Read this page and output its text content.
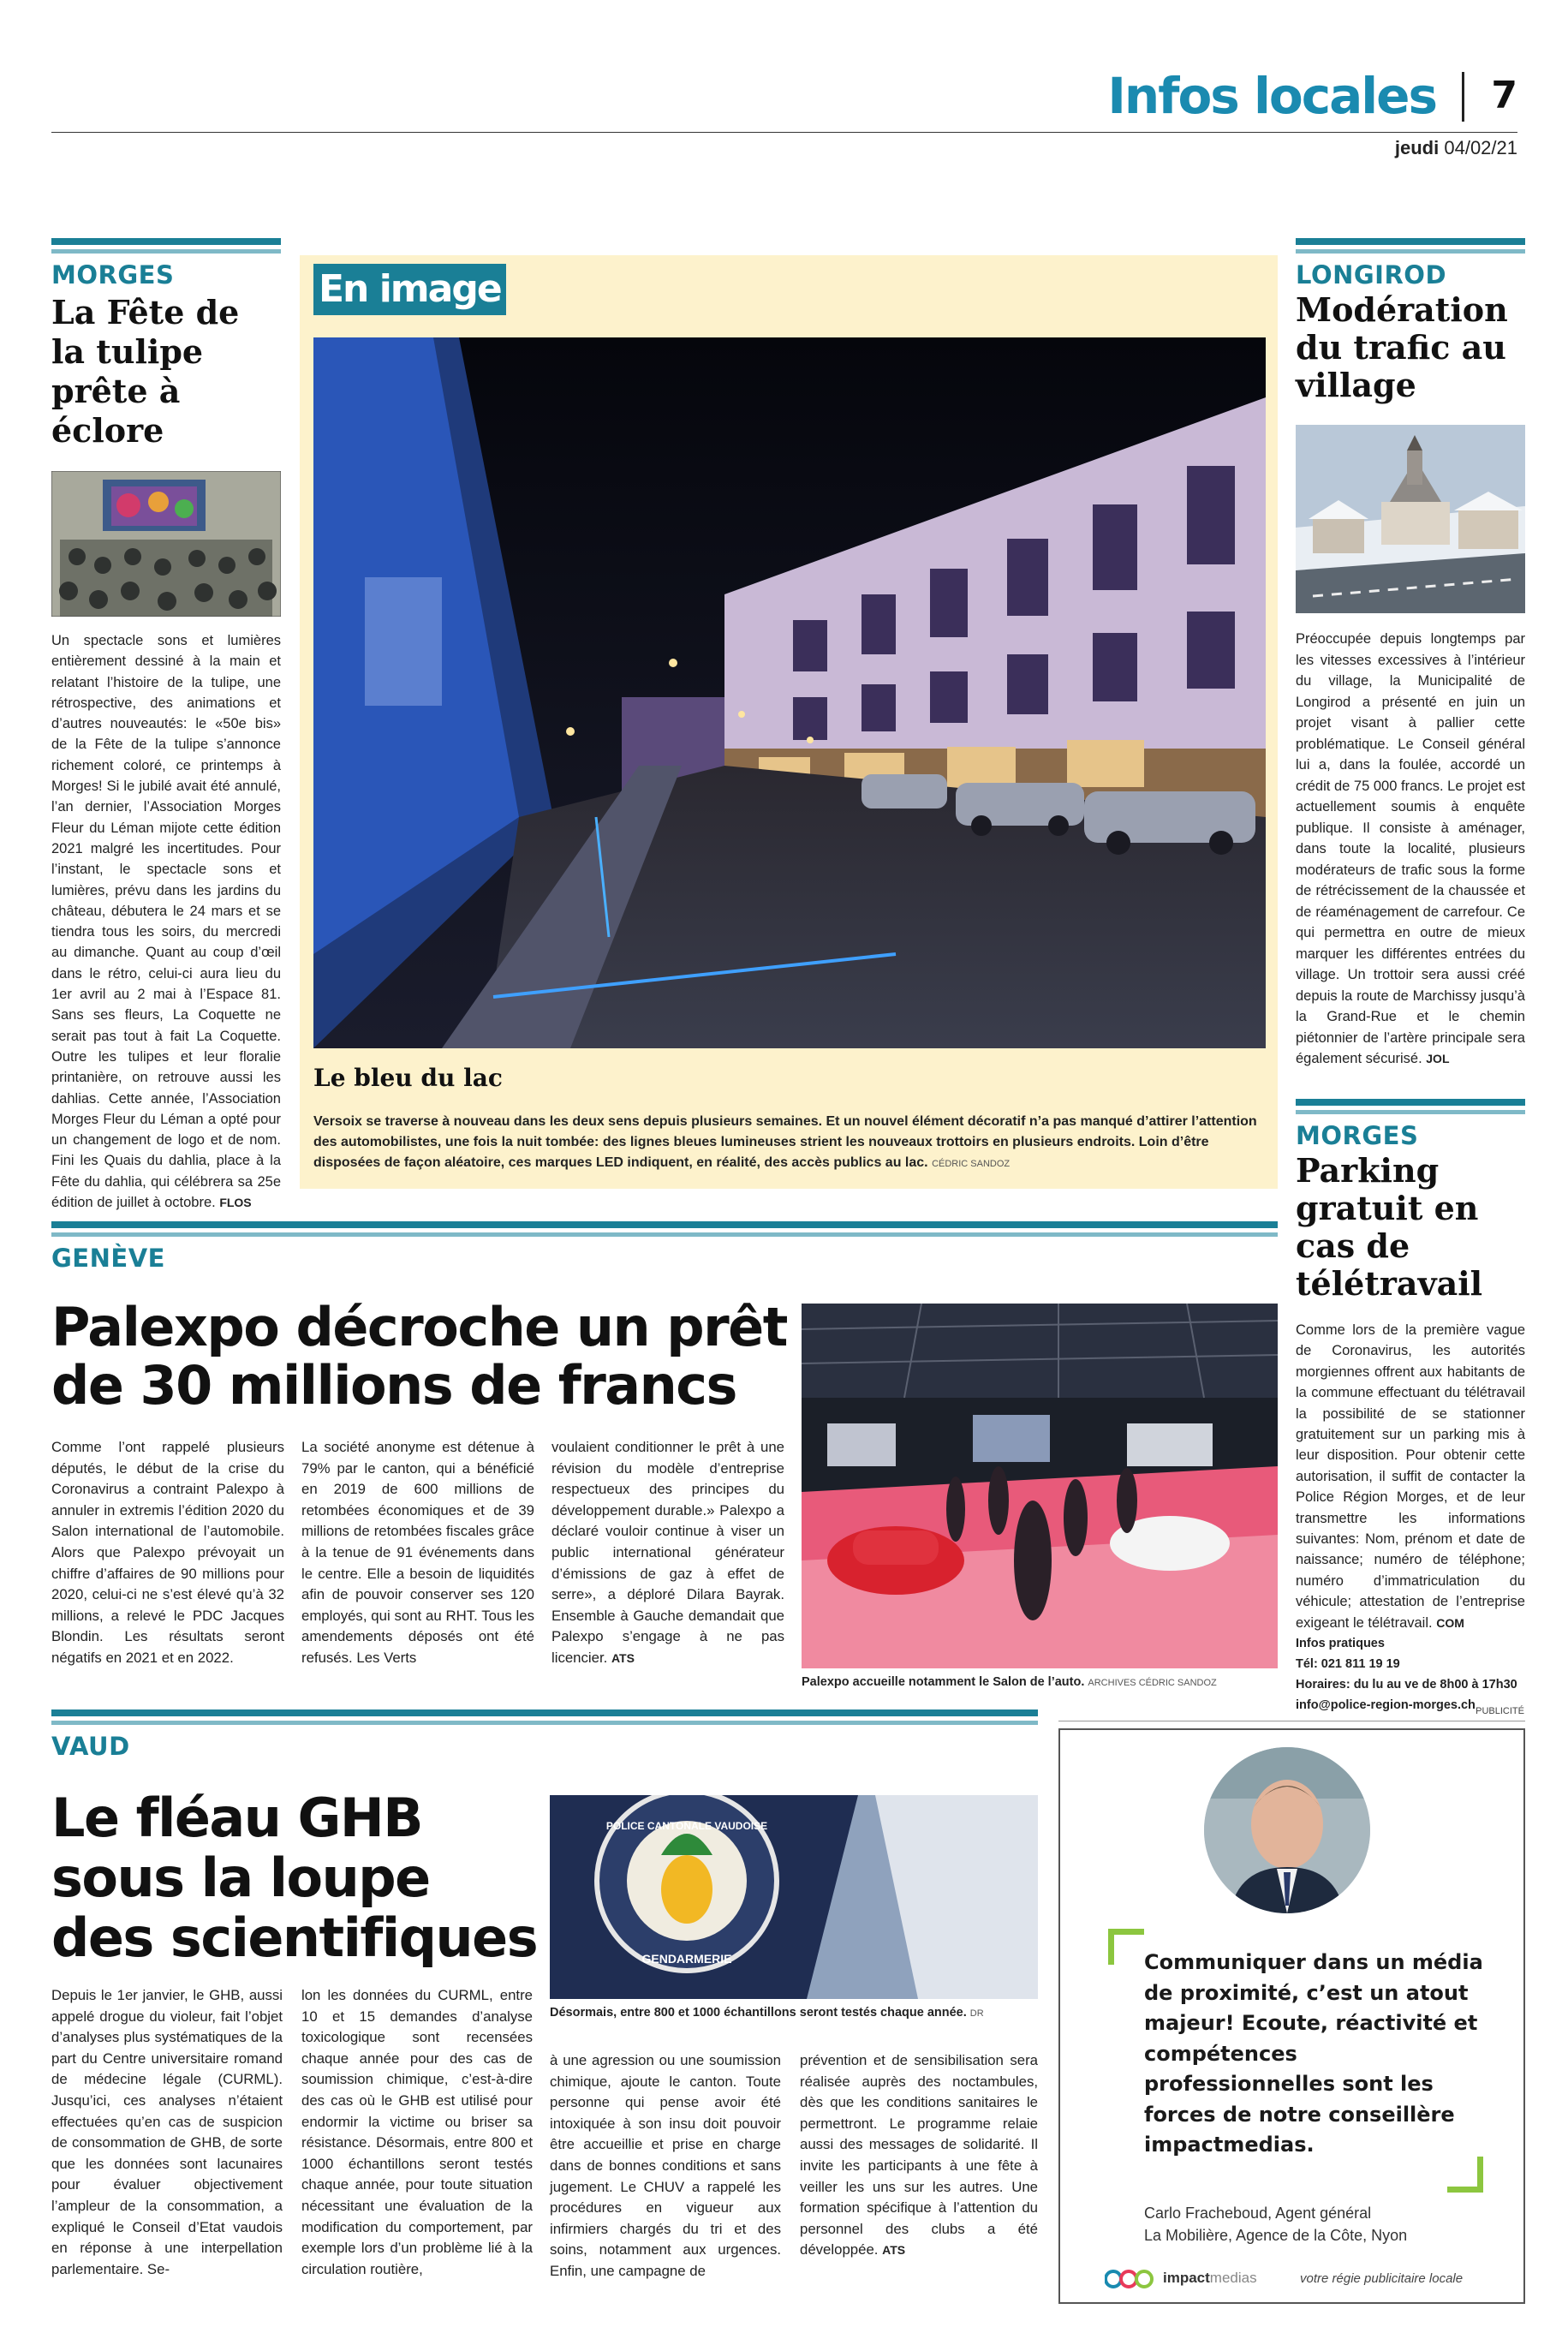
Infos locales 7
jeudi 04/02/21
MORGES
La Fête de la tulipe prête à éclore
Un spectacle sons et lumières entièrement dessiné à la main et relatant l’histoire de la tulipe, une rétrospective, des animations et d’autres nouveautés: le «50e bis» de la Fête de la tulipe s’annonce richement coloré, ce printemps à Morges! Si le jubilé avait été annulé, l’an dernier, l’Association Morges Fleur du Léman mijote cette édition 2021 malgré les incertitudes. Pour l’instant, le spectacle sons et lumières, prévu dans les jardins du château, débutera le 24 mars et se tiendra tous les soirs, du mercredi au dimanche. Quant au coup d’œil dans le rétro, celui-ci aura lieu du 1er avril au 2 mai à l’Espace 81. Sans ses fleurs, La Coquette ne serait pas tout à fait La Coquette. Outre les tulipes et leur floralie printanière, on retrouve aussi les dahlias. Cette année, l’Association Morges Fleur du Léman a opté pour un changement de logo et de nom. Fini les Quais du dahlia, place à la Fête du dahlia, qui célébrera sa 25e édition de juillet à octobre. FLOS
En image
Le bleu du lac
Versoix se traverse à nouveau dans les deux sens depuis plusieurs semaines. Et un nouvel élément décoratif n’a pas manqué d’attirer l’attention des automobilistes, une fois la nuit tombée: des lignes bleues lumineuses strient les nouveaux trottoirs en plusieurs endroits. Loin d’être disposées de façon aléatoire, ces marques LED indiquent, en réalité, des accès publics au lac. CÉDRIC SANDOZ
LONGIROD
Modération du trafic au village
Préoccupée depuis longtemps par les vitesses excessives à l’intérieur du village, la Municipalité de Longirod a présenté en juin un projet visant à pallier cette problématique. Le Conseil général lui a, dans la foulée, accordé un crédit de 75 000 francs. Le projet est actuellement soumis à enquête publique. Il consiste à aménager, dans toute la localité, plusieurs modérateurs de trafic sous la forme de rétrécissement de la chaussée et de réaménagement de carrefour. Ce qui permettra en outre de mieux marquer les différentes entrées du village. Un trottoir sera aussi créé depuis la route de Marchissy jusqu’à la Grand-Rue et le chemin piétonnier de l’artère principale sera également sécurisé. JOL
MORGES
Parking gratuit en cas de télétravail
Comme lors de la première vague de Coronavirus, les autorités morgiennes offrent aux habitants de la commune effectuant du télétravail la possibilité de se stationner gratuitement sur un parking mis à leur disposition. Pour obtenir cette autorisation, il suffit de contacter la Police Région Morges, et de leur transmettre les informations suivantes: Nom, prénom et date de naissance; numéro de téléphone; numéro d’immatriculation du véhicule; attestation de l’entreprise exigeant le télétravail. COM
Infos pratiques
Tél: 021 811 19 19
Horaires: du lu au ve de 8h00 à 17h30
info@police-region-morges.ch
GENÈVE
Palexpo décroche un prêt de 30 millions de francs
Comme l’ont rappelé plusieurs députés, le début de la crise du Coronavirus a contraint Palexpo à annuler in extremis l’édition 2020 du Salon international de l’automobile. Alors que Palexpo prévoyait un chiffre d’affaires de 90 millions pour 2020, celui-ci ne s’est élevé qu’à 32 millions, a relevé le PDC Jacques Blondin. Les résultats seront négatifs en 2021 et en 2022.
La société anonyme est détenue à 79% par le canton, qui a bénéficié en 2019 de 600 millions de retombées économiques et de 39 millions de retombées fiscales grâce à la tenue de 91 événements dans le centre. Elle a besoin de liquidités afin de pouvoir conserver ses 120 employés, qui sont au RHT. Tous les amendements déposés ont été refusés. Les Verts
voulaient conditionner le prêt à une révision du modèle d’entreprise respectueux des principes du développement durable.» Palexpo a déclaré vouloir continue à viser un public international générateur d’émissions de gaz à effet de serre», a déploré Dilara Bayrak. Ensemble à Gauche demandait que Palexpo s’engage à ne pas licencier. ATS
Palexpo accueille notamment le Salon de l’auto. ARCHIVES CÉDRIC SANDOZ
VAUD
Le fléau GHB sous la loupe des scientifiques
Depuis le 1er janvier, le GHB, aussi appelé drogue du violeur, fait l’objet d’analyses plus systématiques de la part du Centre universitaire romand de médecine légale (CURML). Jusqu’ici, ces analyses n’étaient effectuées qu’en cas de suspicion de consommation de GHB, de sorte que les données sont lacunaires pour évaluer objectivement l’ampleur de la consommation, a expliqué le Conseil d’Etat vaudois en réponse à une interpellation parlementaire. Se-
lon les données du CURML, entre 10 et 15 demandes d’analyse toxicologique sont recensées chaque année pour des cas de soumission chimique, c’est-à-dire des cas où le GHB est utilisé pour endormir la victime ou briser sa résistance. Désormais, entre 800 et 1000 échantillons seront testés chaque année, pour toute situation nécessitant une évaluation de la modification du comportement, par exemple lors d’un problème lié à la circulation routière,
POLICE CANTONALE VAUDOISE
GENDARMERIE
Désormais, entre 800 et 1000 échantillons seront testés chaque année. DR
à une agression ou une soumission chimique, ajoute le canton. Toute personne qui pense avoir été intoxiquée à son insu doit pouvoir être accueillie et prise en charge dans de bonnes conditions et sans jugement. Le CHUV a rappelé les procédures en vigueur aux infirmiers chargés du tri et des soins, notamment aux urgences. Enfin, une campagne de
prévention et de sensibilisation sera réalisée auprès des noctambules, dès que les conditions sanitaires le permettront. Le programme relaie aussi des messages de solidarité. Il invite les participants à une fête à veiller les uns sur les autres. Une formation spécifique à l’attention du personnel des clubs a été développée. ATS
PUBLICITÉ
Communiquer dans un média de proximité, c’est un atout majeur! Ecoute, réactivité et compétences professionnelles sont les forces de notre conseillère impactmedias.
Carlo Fracheboud, Agent général
La Mobilière, Agence de la Côte, Nyon
impactmedias	votre régie publicitaire locale
